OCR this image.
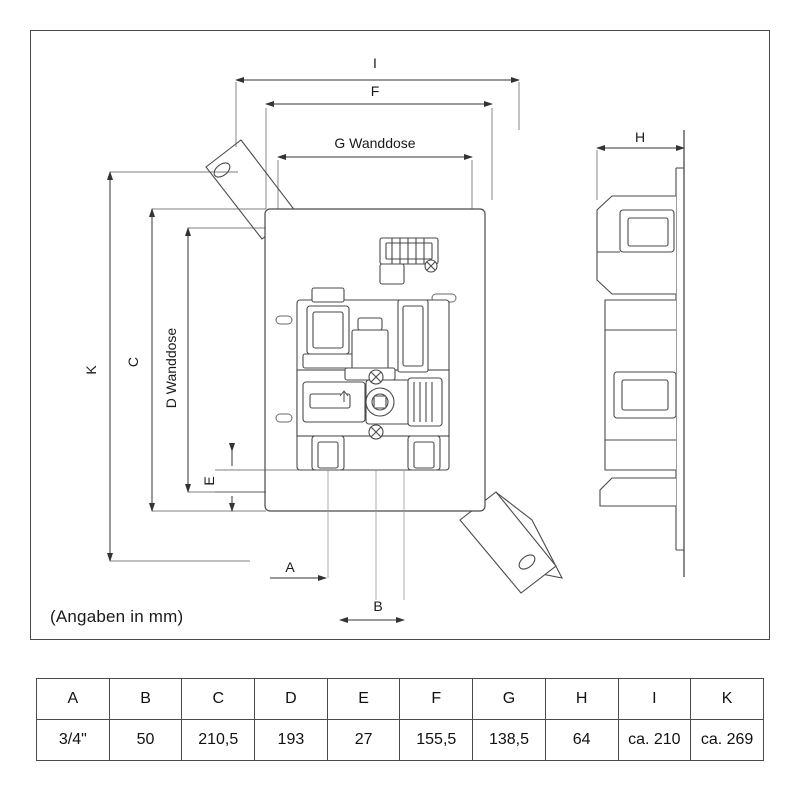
I
F
G Wanddose	H
K
C D Wanddose
E
A
B
(Angaben in mm)
A	B	C	D	E	F	G	H	I	K
3/4"	50	210,5	193	27	155,5	138,5	64	ca. 210	ca. 269
